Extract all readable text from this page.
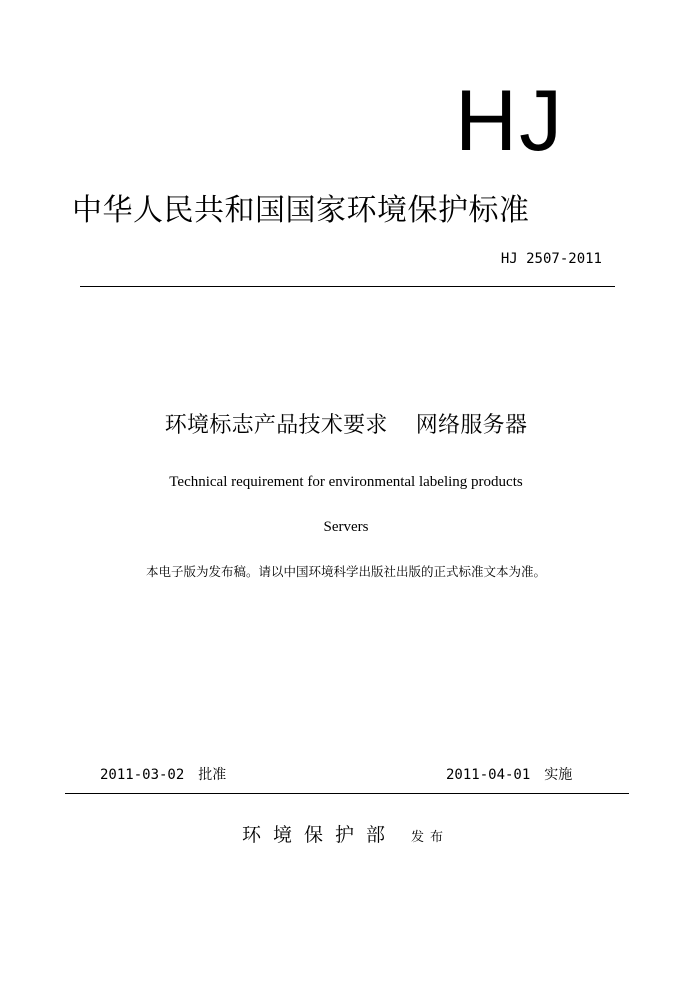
HJ
中华人民共和国国家环境保护标准
HJ 2507-2011
环境标志产品技术要求 网络服务器
Technical requirement for environmental labeling products
Servers
本电子版为发布稿。请以中国环境科学出版社出版的正式标准文本为准。
2011-03-02 批准	2011-04-01 实施
环境保护部 发布
